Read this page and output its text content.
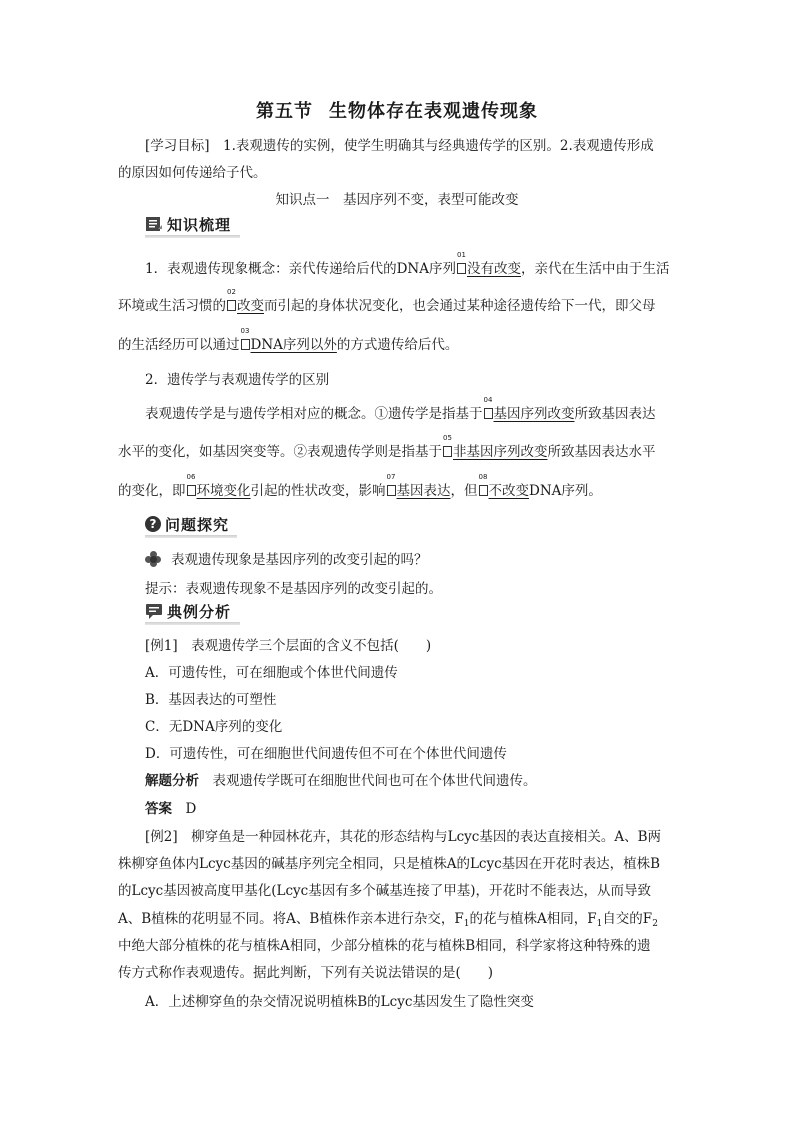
第五节 生物体存在表观遗传现象
[学习目标]　1.表观遗传的实例，使学生明确其与经典遗传学的区别。2.表观遗传形成
的原因如何传递给子代。
知识点一　基因序列不变，表型可能改变
知识梳理
1．表观遗传现象概念：亲代传递给后代的DNA序列
01
没有改变，亲代在生活中由于生活
环境或生活习惯的
02
改变而引起的身体状况变化，也会通过某种途径遗传给下一代，即父母
的生活经历可以通过
03
DNA序列以外的方式遗传给后代。
2．遗传学与表观遗传学的区别
表观遗传学是与遗传学相对应的概念。①遗传学是指基于
04
基因序列改变所致基因表达
水平的变化，如基因突变等。②表观遗传学则是指基于
05
非基因序列改变所致基因表达水平
的变化，即
06
环境变化引起的性状改变，影响
07
基因表达，但
08
不改变DNA序列。
? 问题探究
表观遗传现象是基因序列的改变引起的吗？
提示：表观遗传现象不是基因序列的改变引起的。
典例分析
[例1]　表观遗传学三个层面的含义不包括(　　)
A．可遗传性，可在细胞或个体世代间遗传
B．基因表达的可塑性
C．无DNA序列的变化
D．可遗传性，可在细胞世代间遗传但不可在个体世代间遗传
解题分析　表观遗传学既可在细胞世代间也可在个体世代间遗传。
答案　D
[例2]　柳穿鱼是一种园林花卉，其花的形态结构与Lcyc基因的表达直接相关。A、B两
株柳穿鱼体内Lcyc基因的碱基序列完全相同，只是植株A的Lcyc基因在开花时表达，植株B
的Lcyc基因被高度甲基化(Lcyc基因有多个碱基连接了甲基)，开花时不能表达，从而导致
A、B植株的花明显不同。将A、B植株作亲本进行杂交，$F_1$的花与植株A相同，$F_1$自交的$F_2$
中绝大部分植株的花与植株A相同，少部分植株的花与植株B相同，科学家将这种特殊的遗
传方式称作表观遗传。据此判断，下列有关说法错误的是(　　)
A．上述柳穿鱼的杂交情况说明植株B的Lcyc基因发生了隐性突变
